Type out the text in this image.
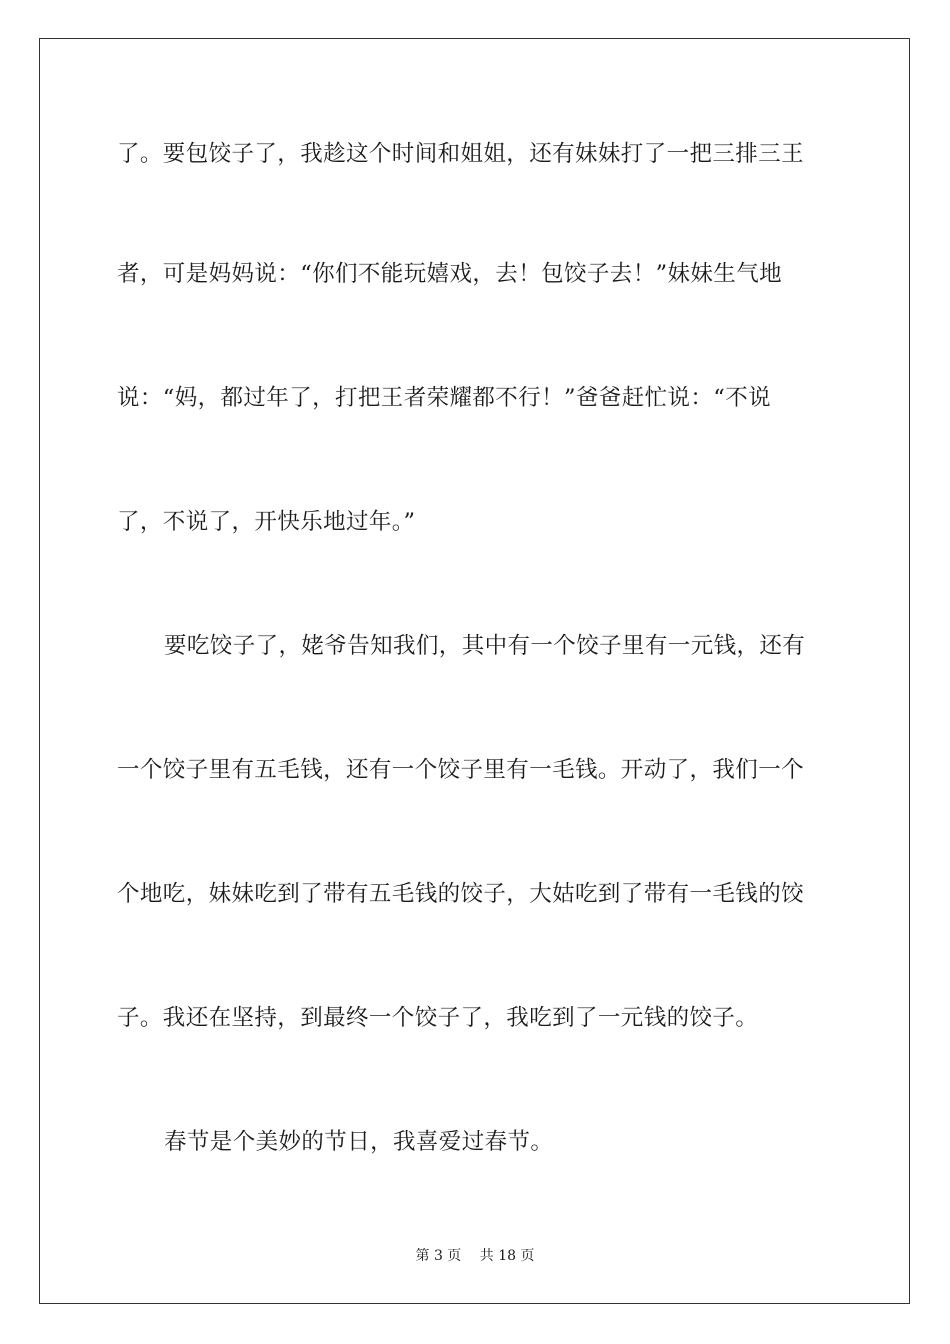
了。要包饺子了，我趁这个时间和姐姐，还有妹妹打了一把三排三王
者，可是妈妈说：“你们不能玩嬉戏，去！包饺子去！”妹妹生气地
说：“妈，都过年了，打把王者荣耀都不行！”爸爸赶忙说：“不说
了，不说了，开快乐地过年。”
要吃饺子了，姥爷告知我们，其中有一个饺子里有一元钱，还有
一个饺子里有五毛钱，还有一个饺子里有一毛钱。开动了，我们一个
个地吃，妹妹吃到了带有五毛钱的饺子，大姑吃到了带有一毛钱的饺
子。我还在坚持，到最终一个饺子了，我吃到了一元钱的饺子。
春节是个美妙的节日，我喜爱过春节。
第 3 页　 共 18 页
